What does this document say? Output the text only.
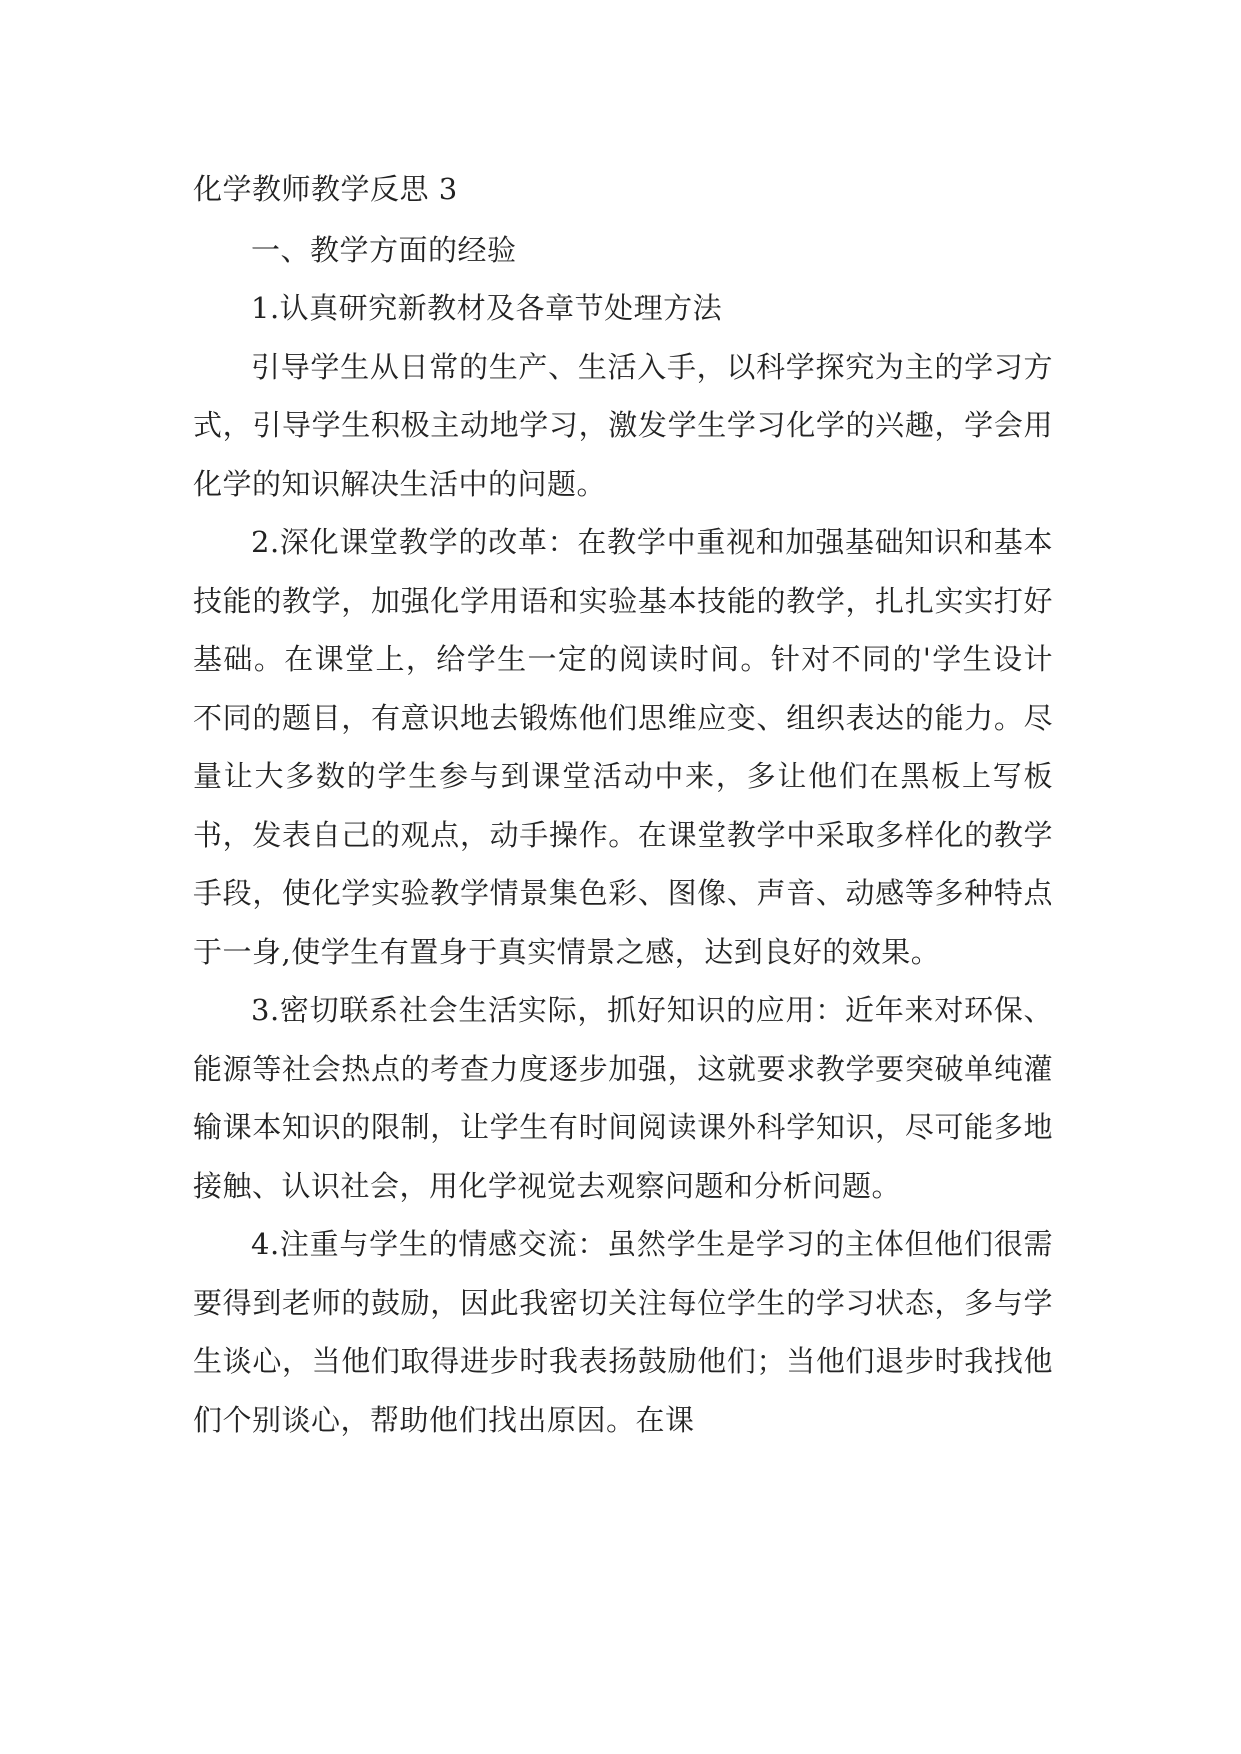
化学教师教学反思 3

一、教学方面的经验

1.认真研究新教材及各章节处理方法

引导学生从日常的生产、生活入手，以科学探究为主的学习方式，引导学生积极主动地学习，激发学生学习化学的兴趣，学会用化学的知识解决生活中的问题。

2.深化课堂教学的改革：在教学中重视和加强基础知识和基本技能的教学，加强化学用语和实验基本技能的教学，扎扎实实打好基础。在课堂上，给学生一定的阅读时间。针对不同的'学生设计不同的题目，有意识地去锻炼他们思维应变、组织表达的能力。尽量让大多数的学生参与到课堂活动中来，多让他们在黑板上写板书，发表自己的观点，动手操作。在课堂教学中采取多样化的教学手段，使化学实验教学情景集色彩、图像、声音、动感等多种特点于一身,使学生有置身于真实情景之感，达到良好的效果。

3.密切联系社会生活实际，抓好知识的应用：近年来对环保、能源等社会热点的考查力度逐步加强，这就要求教学要突破单纯灌输课本知识的限制，让学生有时间阅读课外科学知识，尽可能多地接触、认识社会，用化学视觉去观察问题和分析问题。

4.注重与学生的情感交流：虽然学生是学习的主体但他们很需要得到老师的鼓励，因此我密切关注每位学生的学习状态，多与学生谈心，当他们取得进步时我表扬鼓励他们；当他们退步时我找他们个别谈心，帮助他们找出原因。在课
